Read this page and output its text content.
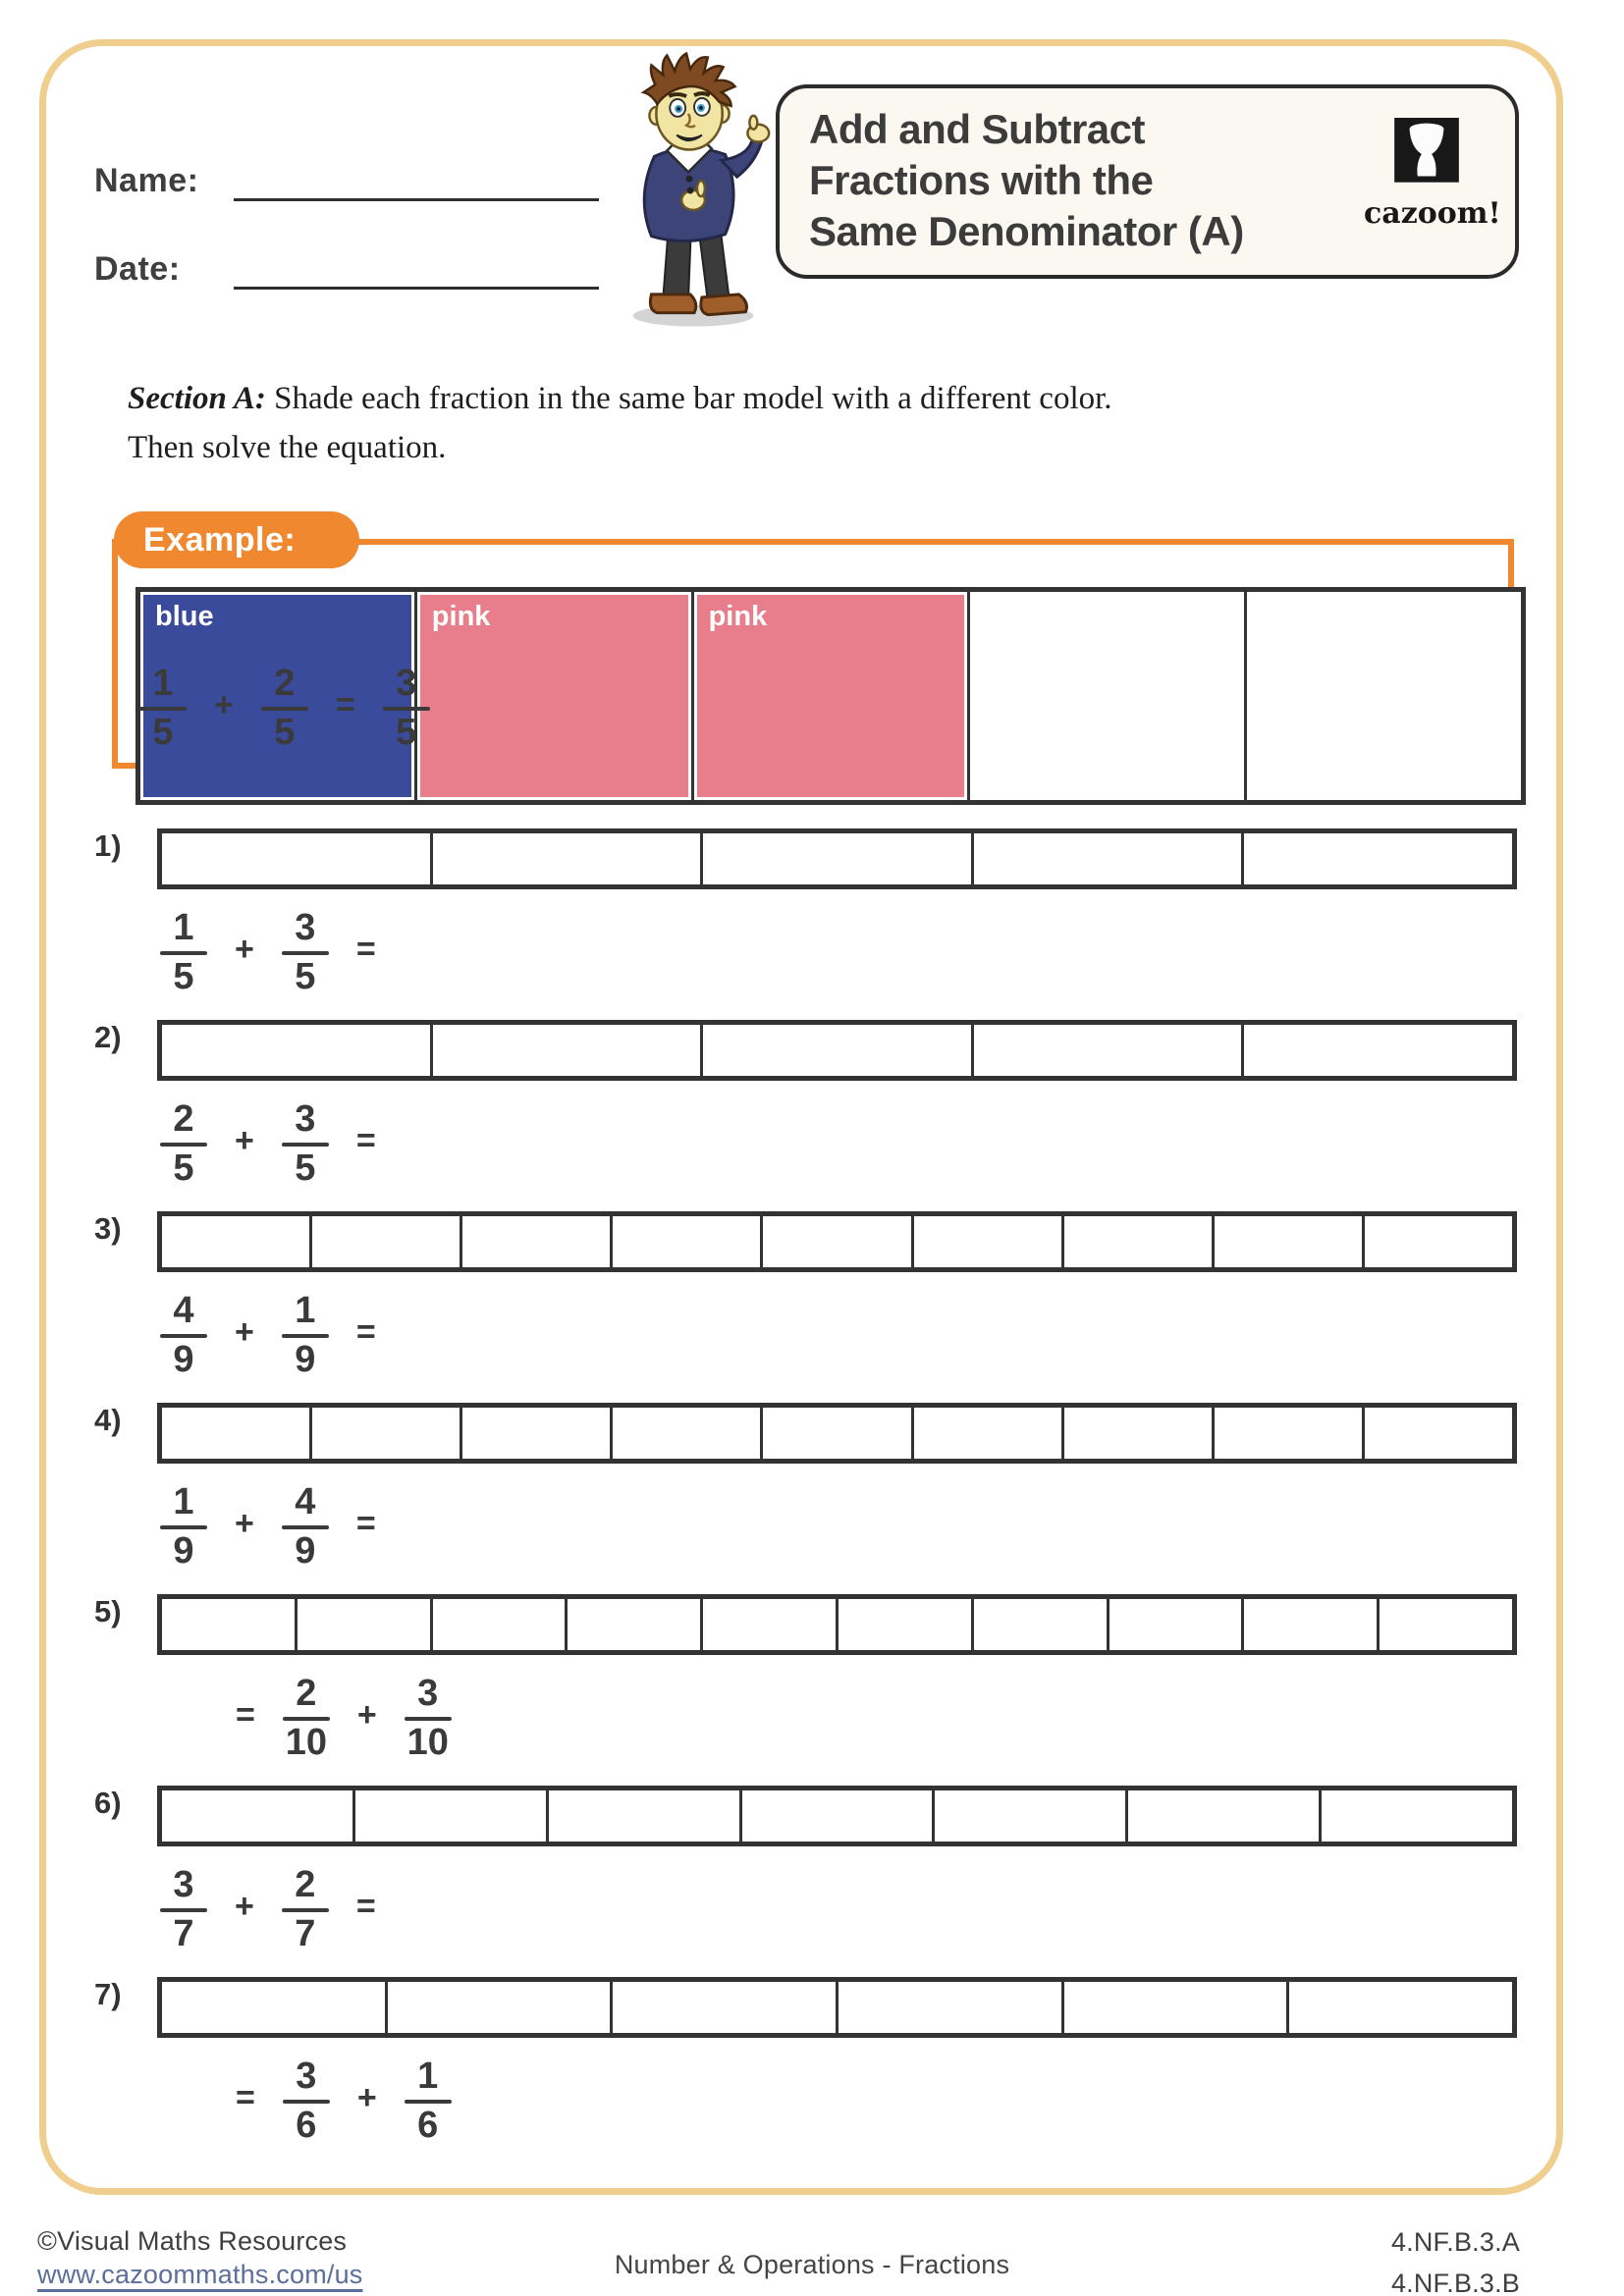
Name:
Date:
Add and Subtract
Fractions with the
Same Denominator (A)	cazoom!
Section A: Shade each fraction in the same bar model with a different color.
Then solve the equation.
Example:
blue	pink	pink
$\frac{1}{5} + \frac{2}{5} = \frac{3}{5}$
1)
$\frac{1}{5} + \frac{3}{5}$ =
2)
$\frac{2}{5} + \frac{3}{5}$ =
3)
$\frac{4}{9} + \frac{1}{9}$ =
4)
$\frac{1}{9} + \frac{4}{9}$ =
5)
= $\frac{2}{10} + \frac{3}{10}$
6)
$\frac{3}{7} + \frac{2}{7}$ =
7)
= $\frac{3}{6} + \frac{1}{6}$
©Visual Maths Resources
www.cazoommaths.com/us	Number & Operations - Fractions
4.NF.B.3.A
4.NF.B.3.B
